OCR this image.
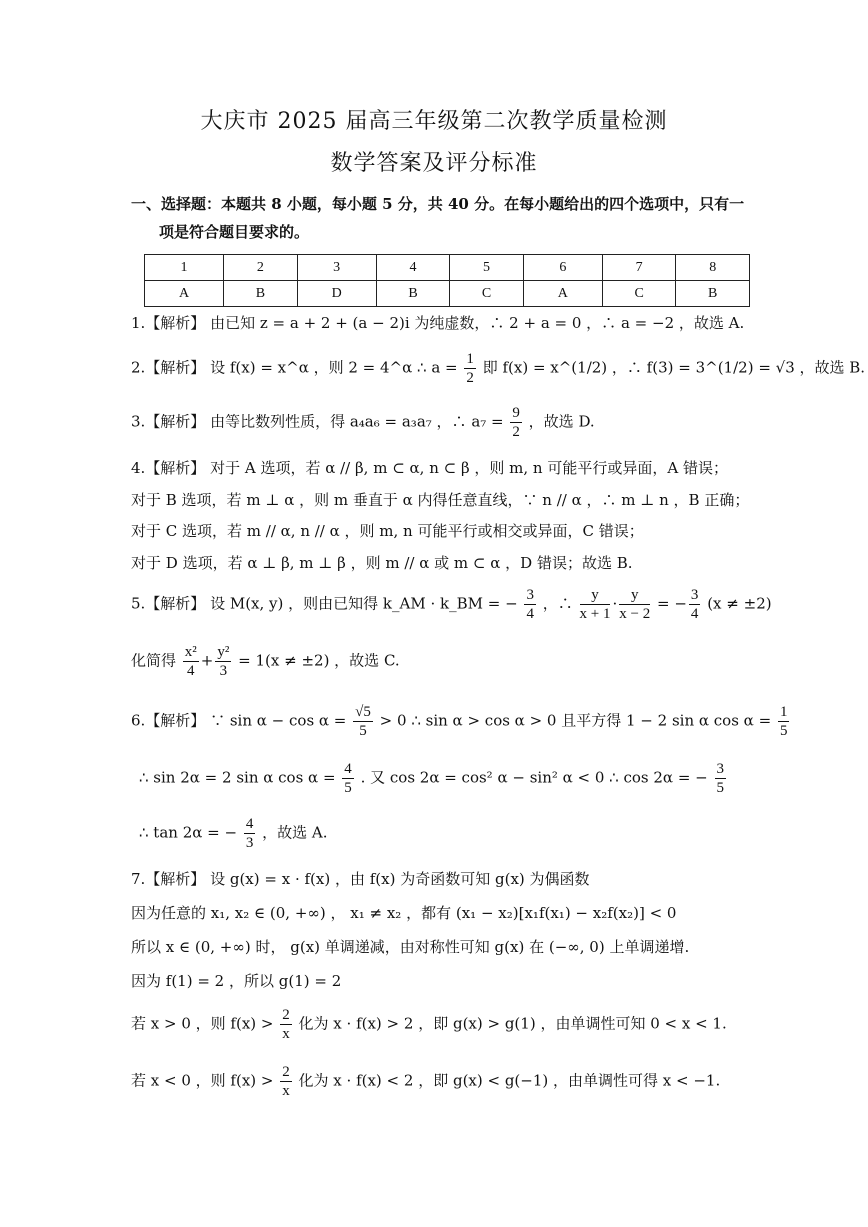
大庆市 2025 届高三年级第二次教学质量检测
数学答案及评分标准
一、选择题：本题共 8 小题，每小题 5 分，共 40 分。在每小题给出的四个选项中，只有一
项是符合题目要求的。
1	2	3	4	5	6	7	8
A	B	D	B	C	A	C	B
1.【解析】 由已知 z = a + 2 + (a − 2)i 为纯虚数，∴ 2 + a = 0 ，∴ a = −2 ，故选 A.
2.【解析】 设 f(x) = x^α ，则 2 = 4^α ∴ $a = \frac{1}{2}$ 即 f(x) = x^(1/2) ，∴ f(3) = 3^(1/2) = √3 ，故选 B.
3.【解析】 由等比数列性质，得 a₄a₆ = a₃a₇ ，∴ $a_7 = \frac{9}{2}$ ，故选 D.
4.【解析】 对于 A 选项，若 α // β, m ⊂ α, n ⊂ β ，则 m, n 可能平行或异面，A 错误；
对于 B 选项，若 m ⊥ α ，则 m 垂直于 α 内得任意直线，∵ n // α ，∴ m ⊥ n ，B 正确；
对于 C 选项，若 m // α, n // α ，则 m, n 可能平行或相交或异面，C 错误；
对于 D 选项，若 α ⊥ β, m ⊥ β ，则 m // α 或 m ⊂ α ，D 错误；故选 B.
5.【解析】 设 M(x, y) ，则由已知得 k_AM · k_BM = − $\frac{3}{4}$ ，∴ $\frac{y}{x + 1} \cdot \frac{y}{x - 2}$ = − $\frac{3}{4} (x \ne \pm 2)$
化简得 $\frac{\text{x²}}{4} + \frac{\text{y²}}{3} = 1(x \ne \pm 2)$ ，故选 C.
6.【解析】 ∵ $\sin \alpha - \cos \alpha = \frac{√5}{5} > 0$ ∴ sin α > cos α > 0 且平方得 1 − 2 sin α $\cos \alpha = \frac{1}{5}$
∴ sin 2α = 2 sin α $\cos \alpha = \frac{4}{5}$ . 又 cos 2α = cos² α − sin² α < 0 ∴ cos 2α = − $\frac{3}{5}$
∴ tan 2α = − $\frac{4}{3}$ ，故选 A.
7.【解析】 设 g(x) = x · f(x) ，由 f(x) 为奇函数可知 g(x) 为偶函数
因为任意的 x₁, x₂ ∈ (0, +∞) ， x₁ ≠ x₂ ，都有 (x₁ − x₂)[x₁f(x₁) − x₂f(x₂)] < 0
所以 x ∈ (0, +∞) 时， g(x) 单调递减，由对称性可知 g(x) 在 (−∞, 0) 上单调递增.
因为 f(1) = 2 ，所以 g(1) = 2
若 x > 0 ，则 $f(x) > \frac{2}{x}$ 化为 x · f(x) > 2 ，即 g(x) > g(1) ，由单调性可知 0 < x < 1.
若 x < 0 ，则 $f(x) > \frac{2}{x}$ 化为 x · f(x) < 2 ，即 g(x) < g(−1) ，由单调性可得 x < −1.
